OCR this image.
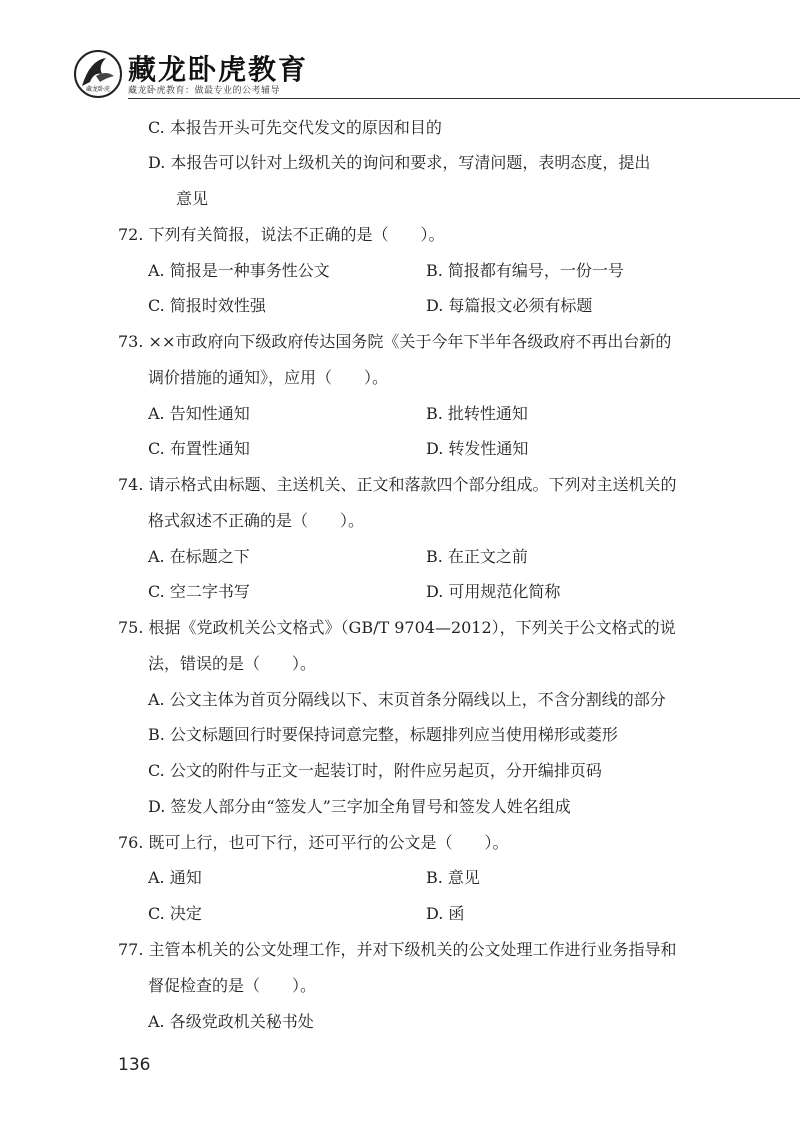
藏龙卧虎
藏龙卧虎教育
藏龙卧虎教育：做最专业的公考辅导
C. 本报告开头可先交代发文的原因和目的
D. 本报告可以针对上级机关的询问和要求，写清问题，表明态度，提出
意见
72. 下列有关简报，说法不正确的是（　　）。
A. 简报是一种事务性公文	B. 简报都有编号，一份一号
C. 简报时效性强	D. 每篇报文必须有标题
73. ××市政府向下级政府传达国务院《关于今年下半年各级政府不再出台新的
调价措施的通知》，应用（　　）。
A. 告知性通知	B. 批转性通知
C. 布置性通知	D. 转发性通知
74. 请示格式由标题、主送机关、正文和落款四个部分组成。下列对主送机关的
格式叙述不正确的是（　　）。
A. 在标题之下	B. 在正文之前
C. 空二字书写	D. 可用规范化简称
75. 根据《党政机关公文格式》（GB/T 9704—2012），下列关于公文格式的说
法，错误的是（　　）。
A. 公文主体为首页分隔线以下、末页首条分隔线以上，不含分割线的部分
B. 公文标题回行时要保持词意完整，标题排列应当使用梯形或菱形
C. 公文的附件与正文一起装订时，附件应另起页，分开编排页码
D. 签发人部分由“签发人”三字加全角冒号和签发人姓名组成
76. 既可上行，也可下行，还可平行的公文是（　　）。
A. 通知	B. 意见
C. 决定	D. 函
77. 主管本机关的公文处理工作，并对下级机关的公文处理工作进行业务指导和
督促检查的是（　　）。
A. 各级党政机关秘书处
136
